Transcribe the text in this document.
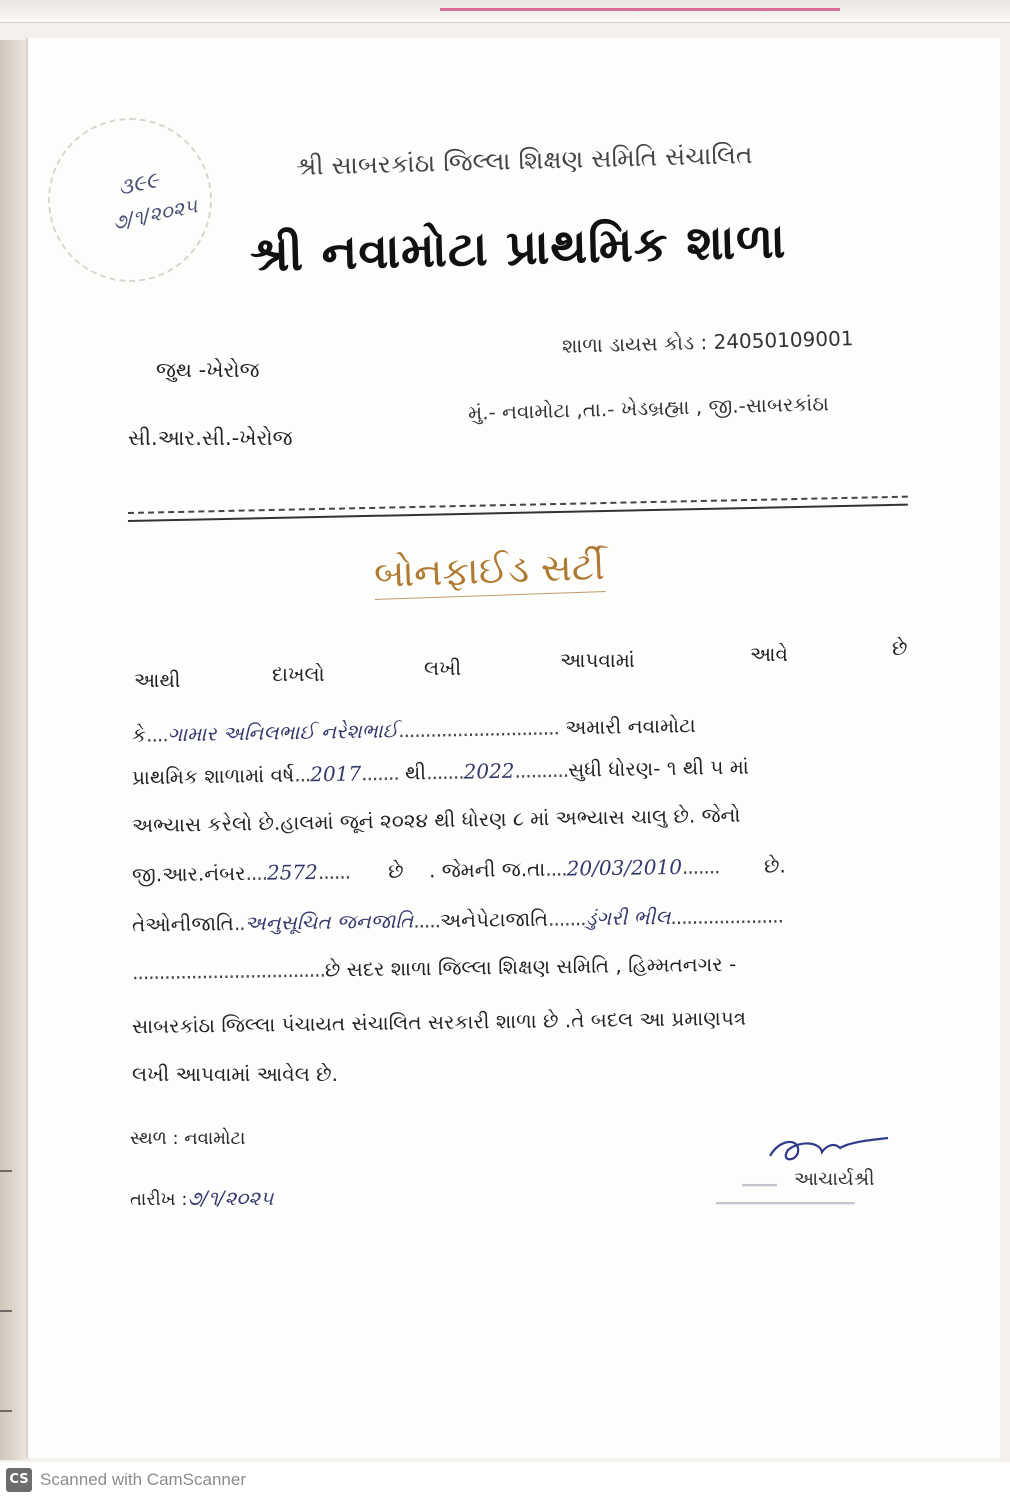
૩૯૯
૭/૧/૨૦૨૫
શ્રી સાબરકાંઠા જિલ્લા શિક્ષણ સમિતિ સંચાલિત
શ્રી નવામોટા પ્રાથમિક શાળા
જુથ -ખેરોજ
સી.આર.સી.-ખેરોજ
શાળા ડાયસ કોડ : 24050109001
મું.- નવામોટા ,તા.- ખેડબ્રહ્મા , જી.-સાબરકાંઠા
બોનફાઈડ સર્ટી
આથી	દાખલો	લખી	આપવામાં	આવે	છે
કે....ગામાર અનિલભાઈ નરેશભાઈ.............................. અમારી નવામોટા
પ્રાથમિક શાળામાં વર્ષ...2017....... થી.......2022..........સુધી ધોરણ- ૧ થી ૫ માં
અભ્યાસ કરેલો છે.હાલમાં જૂનં ૨૦૨૪ થી ધોરણ ૮ માં અભ્યાસ ચાલુ છે. જેનો
જી.આર.નંબર....2572...... છે . જેમની જ.તા....20/03/2010....... છે.
તેઓનીજાતિ..અનુસૂચિત જનજાતિ.....અનેપેટાજાતિ.......ડુંગરી ભીલ.....................
....................................છે સદર શાળા જિલ્લા શિક્ષણ સમિતિ , હિમ્મતનગર -
સાબરકાંઠા જિલ્લા પંચાયત સંચાલિત સરકારી શાળા છે .તે બદલ આ પ્રમાણપત્ર
લખી આપવામાં આવેલ છે.
સ્થળ : નવામોટા
તારીખ :૭/૧/૨૦૨૫	▔▔▔
▔▔▔▔▔▔▔▔▔▔▔▔
આચાર્યશ્રી
CS Scanned with CamScanner
